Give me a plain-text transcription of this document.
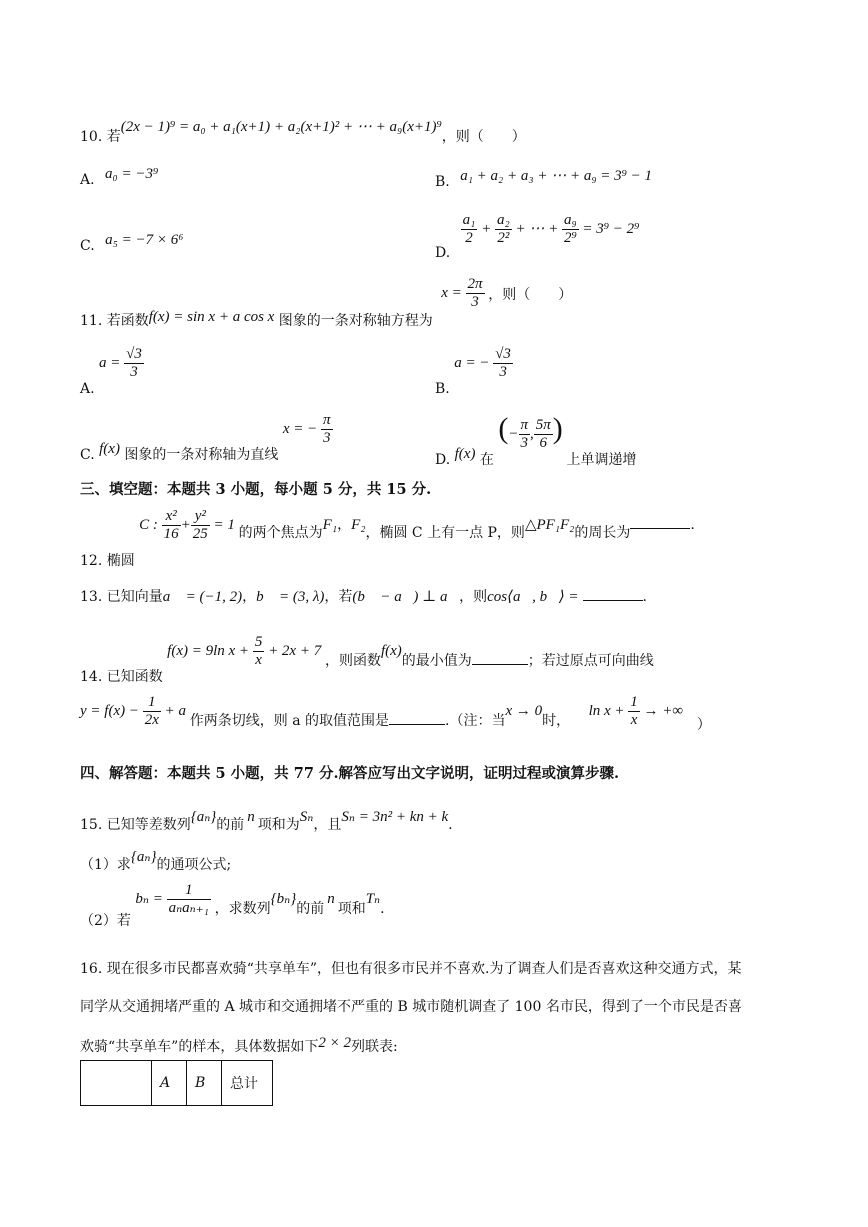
10. 若(2x − 1)⁹ = a₀ + a₁(x+1) + a₂(x+1)² + ⋯ + a₉(x+1)⁹，则（　　）
A. a₀ = −3⁹	B. a₁ + a₂ + a₃ + ⋯ + a₉ = 3⁹ − 1
C. a₅ = −7 × 6⁶
D.
$\frac{\text{a₁}}{2} + \frac{\text{a₂}}{\text{2²}}$ + ⋯ + $\frac{\text{a₉}}{\text{2⁹}} = 3^9 - 2^9$
11. 若函数f(x) = sin x + a cos x 图象的一条对称轴方程为 $x = \frac{2\pi}{3}$ ，则（　　）
A. $a = \frac{√3}{3}$
B. a = − $\frac{√3}{3}$
C. f(x) 图象的一条对称轴为直线 x = − $\frac{\pi}{3}$
D. f(x) 在 (− $\frac{\pi}{3}$ , $\frac{5\pi}{6}$ ) 上单调递增
三、填空题：本题共 3 小题，每小题 5 分，共 15 分.
12. 椭圆 C : $\frac{\text{x²}}{16} + \frac{\text{y²}}{25} = 1$ 的两个焦点为F₁，F₂，椭圆 C 上有一点 P，则△PF₁F₂的周长为	.
13. 已知向量a⃗ = (−1, 2)，b⃗ = (3, λ)，若(b⃗ − a⃗) ⊥ a⃗，则cos⟨a⃗, b⃗⟩ =	.
14. 已知函数 f(x) = 9ln $x + \frac{5}{x} + 2x + 7$ ，则函数f(x)的最小值为	；若过原点可向曲线
$y = f(x) - \frac{1}{2x} + a$ 作两条切线，则 a 的取值范围是	.（注：当x → 0时， $\ln x + \frac{1}{x}$ → +∞ ）
四、解答题：本题共 5 小题，共 77 分.解答应写出文字说明，证明过程或演算步骤.
15. 已知等差数列{aₙ}的前 n 项和为Sₙ，且Sₙ = 3n² + kn + k.
（1）求{aₙ}的通项公式;
（2）若 $b_n = \frac{1}{\text{aₙaₙ₊₁}}$ ，求数列{bₙ}的前n项和Tₙ.
16. 现在很多市民都喜欢骑“共享单车”，但也有很多市民并不喜欢.为了调查人们是否喜欢这种交通方式，某
同学从交通拥堵严重的 A 城市和交通拥堵不严重的 B 城市随机调查了 100 名市民，得到了一个市民是否喜
欢骑“共享单车”的样本，具体数据如下2 × 2列联表:
	A	B	总计
